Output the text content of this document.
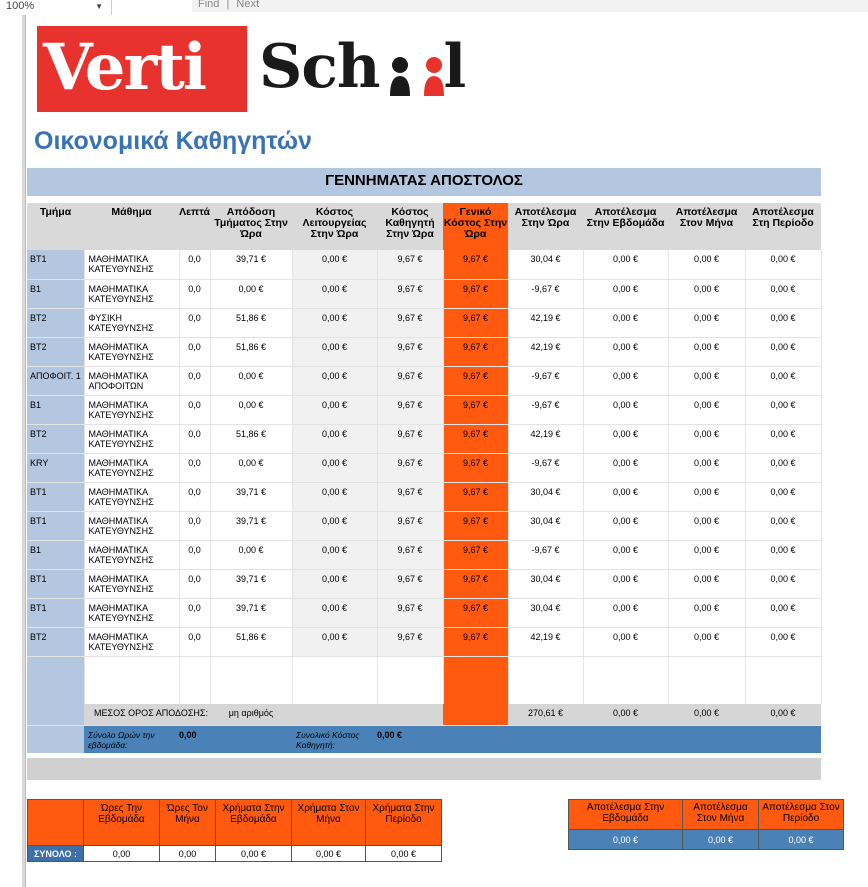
100%	▼	Find | Next
Verti Sch l
Οικονομικά Καθηγητών
ΓΕΝΝΗΜΑΤΑΣ ΑΠΟΣΤΟΛΟΣ
Τμήμα	Μάθημα	Λεπτά	Απόδοση Τμήματος Στην Ώρα	Κόστος Λειτουργείας Στην Ώρα	Κόστος Καθηγητή Στην Ώρα	Γενικό Κόστος Στην Ώρα	Αποτέλεσμα Στην Ώρα	Αποτέλεσμα Στην Εβδομάδα	Αποτέλεσμα Στον Μήνα	Αποτέλεσμα Στη Περίοδο
ΒΤ1	ΜΑΘΗΜΑΤΙΚΑ ΚΑΤΕΥΘΥΝΣΗΣ	0,0	39,71 €	0,00 €	9,67 €	9,67 €	30,04 €	0,00 €	0,00 €	0,00 €
Β1	ΜΑΘΗΜΑΤΙΚΑ ΚΑΤΕΥΘΥΝΣΗΣ	0,0	0,00 €	0,00 €	9,67 €	9,67 €	-9,67 €	0,00 €	0,00 €	0,00 €
ΒΤ2	ΦΥΣΙΚΗ ΚΑΤΕΥΘΥΝΣΗΣ	0,0	51,86 €	0,00 €	9,67 €	9,67 €	42,19 €	0,00 €	0,00 €	0,00 €
ΒΤ2	ΜΑΘΗΜΑΤΙΚΑ ΚΑΤΕΥΘΥΝΣΗΣ	0,0	51,86 €	0,00 €	9,67 €	9,67 €	42,19 €	0,00 €	0,00 €	0,00 €
ΑΠΟΦΟΙΤ. 1	ΜΑΘΗΜΑΤΙΚΑ ΑΠΟΦΟΙΤΩΝ	0,0	0,00 €	0,00 €	9,67 €	9,67 €	-9,67 €	0,00 €	0,00 €	0,00 €
Β1	ΜΑΘΗΜΑΤΙΚΑ ΚΑΤΕΥΘΥΝΣΗΣ	0,0	0,00 €	0,00 €	9,67 €	9,67 €	-9,67 €	0,00 €	0,00 €	0,00 €
ΒΤ2	ΜΑΘΗΜΑΤΙΚΑ ΚΑΤΕΥΘΥΝΣΗΣ	0,0	51,86 €	0,00 €	9,67 €	9,67 €	42,19 €	0,00 €	0,00 €	0,00 €
KRY	ΜΑΘΗΜΑΤΙΚΑ ΚΑΤΕΥΘΥΝΣΗΣ	0,0	0,00 €	0,00 €	9,67 €	9,67 €	-9,67 €	0,00 €	0,00 €	0,00 €
ΒΤ1	ΜΑΘΗΜΑΤΙΚΑ ΚΑΤΕΥΘΥΝΣΗΣ	0,0	39,71 €	0,00 €	9,67 €	9,67 €	30,04 €	0,00 €	0,00 €	0,00 €
ΒΤ1	ΜΑΘΗΜΑΤΙΚΑ ΚΑΤΕΥΘΥΝΣΗΣ	0,0	39,71 €	0,00 €	9,67 €	9,67 €	30,04 €	0,00 €	0,00 €	0,00 €
Β1	ΜΑΘΗΜΑΤΙΚΑ ΚΑΤΕΥΘΥΝΣΗΣ	0,0	0,00 €	0,00 €	9,67 €	9,67 €	-9,67 €	0,00 €	0,00 €	0,00 €
ΒΤ1	ΜΑΘΗΜΑΤΙΚΑ ΚΑΤΕΥΘΥΝΣΗΣ	0,0	39,71 €	0,00 €	9,67 €	9,67 €	30,04 €	0,00 €	0,00 €	0,00 €
ΒΤ1	ΜΑΘΗΜΑΤΙΚΑ ΚΑΤΕΥΘΥΝΣΗΣ	0,0	39,71 €	0,00 €	9,67 €	9,67 €	30,04 €	0,00 €	0,00 €	0,00 €
ΒΤ2	ΜΑΘΗΜΑΤΙΚΑ ΚΑΤΕΥΘΥΝΣΗΣ	0,0	51,86 €	0,00 €	9,67 €	9,67 €	42,19 €	0,00 €	0,00 €	0,00 €

	ΜΕΣΟΣ ΟΡΟΣ ΑΠΟΔΟΣΗΣ:		μη αριθμός				270,61 €	0,00 €	0,00 €	0,00 €
	Σύνολο Ωρών την εβδομάδα:	0,00		Συνολικό Κόστος Καθηγητή:	0,00 €					
	Ώρες Την Εβδομάδα	Ώρες Τον Μήνα	Χρήματα Στην Εβδομάδα	Χρήματα Στον Μήνα	Χρήματα Στην Περίοδο
ΣΥΝΟΛΟ :	0,00	0,00	0,00 €	0,00 €	0,00 €
Αποτέλεσμα Στην Εβδομάδα	Αποτέλεσμα Στον Μήνα	Αποτέλεσμα Στον Περίοδο
0,00 €	0,00 €	0,00 €
